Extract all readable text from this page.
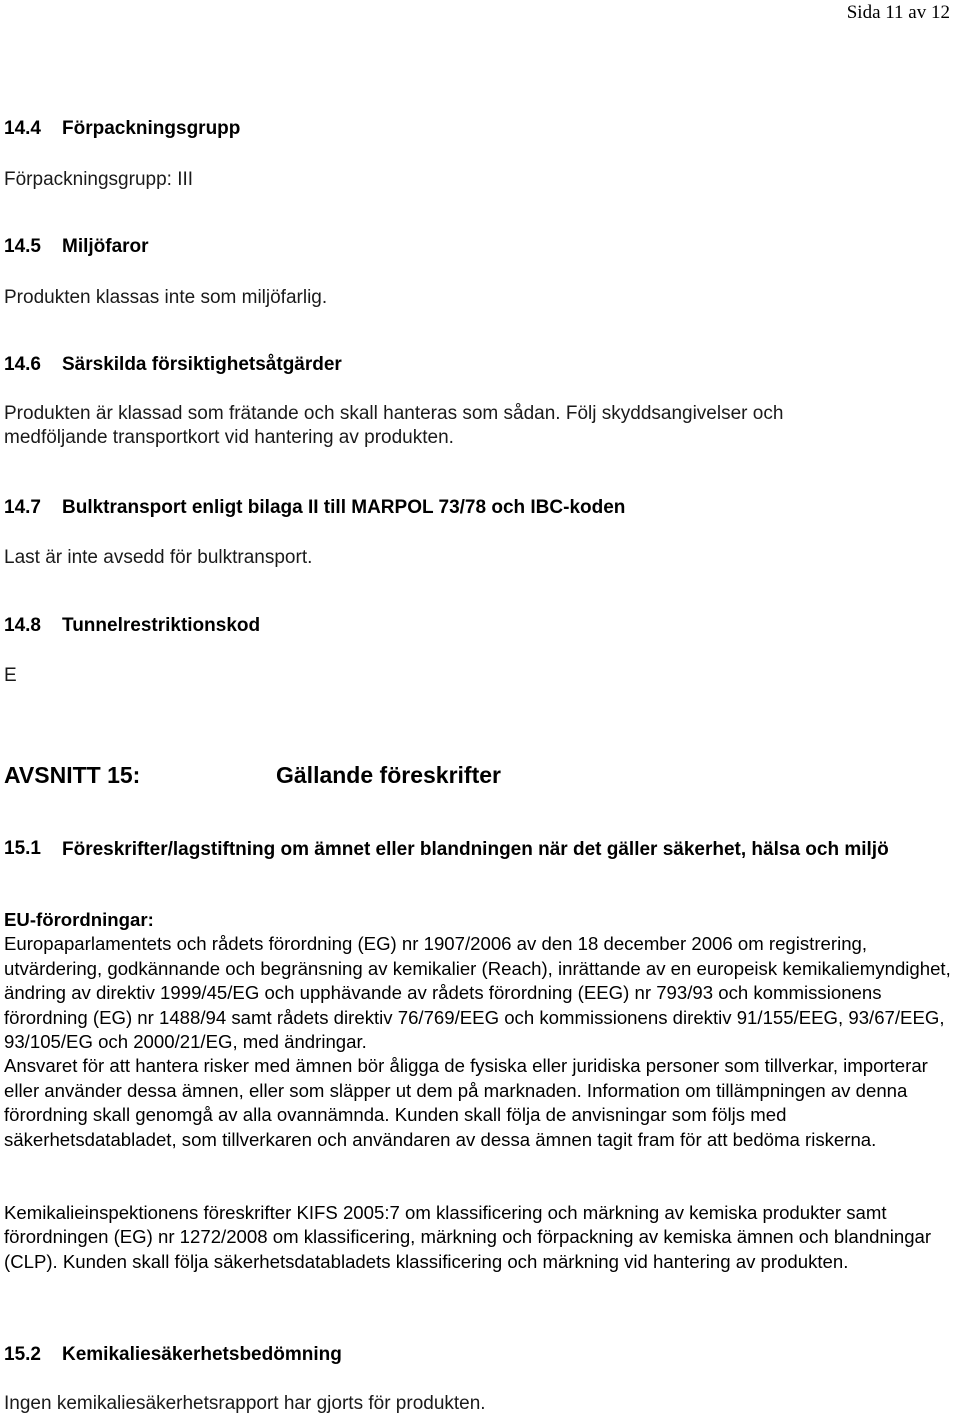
Sida 11 av 12
14.4 Förpackningsgrupp

Förpackningsgrupp: III

14.5 Miljöfaror

Produkten klassas inte som miljöfarlig.

14.6 Särskilda försiktighetsåtgärder

Produkten är klassad som frätande och skall hanteras som sådan. Följ skyddsangivelser och

medföljande transportkort vid hantering av produkten.

14.7 Bulktransport enligt bilaga II till MARPOL 73/78 och IBC-koden

Last är inte avsedd för bulktransport.

14.8 Tunnelrestriktionskod

E

AVSNITT 15:	Gällande föreskrifter
15.1 Föreskrifter/lagstiftning om ämnet eller blandningen när det gäller säkerhet, hälsa och miljö

EU-förordningar:

Europaparlamentets och rådets förordning (EG) nr 1907/2006 av den 18 december 2006 om registrering, utvärdering, godkännande och begränsning av kemikalier (Reach), inrättande av en europeisk kemikaliemyndighet, ändring av direktiv 1999/45/EG och upphävande av rådets förordning (EEG) nr 793/93 och kommissionens förordning (EG) nr 1488/94 samt rådets direktiv 76/769/EEG och kommissionens direktiv 91/155/EEG, 93/67/EEG, 93/105/EG och 2000/21/EG, med ändringar.

Ansvaret för att hantera risker med ämnen bör åligga de fysiska eller juridiska personer som tillverkar, importerar eller använder dessa ämnen, eller som släpper ut dem på marknaden. Information om tillämpningen av denna förordning skall genomgå av alla ovannämnda. Kunden skall följa de anvisningar som följs med säkerhetsdatabladet, som tillverkaren och användaren av dessa ämnen tagit fram för att bedöma riskerna.

Kemikalieinspektionens föreskrifter KIFS 2005:7 om klassificering och märkning av kemiska produkter samt förordningen (EG) nr 1272/2008 om klassificering, märkning och förpackning av kemiska ämnen och blandningar (CLP). Kunden skall följa säkerhetsdatabladets klassificering och märkning vid hantering av produkten.

15.2 Kemikaliesäkerhetsbedömning

Ingen kemikaliesäkerhetsrapport har gjorts för produkten.
